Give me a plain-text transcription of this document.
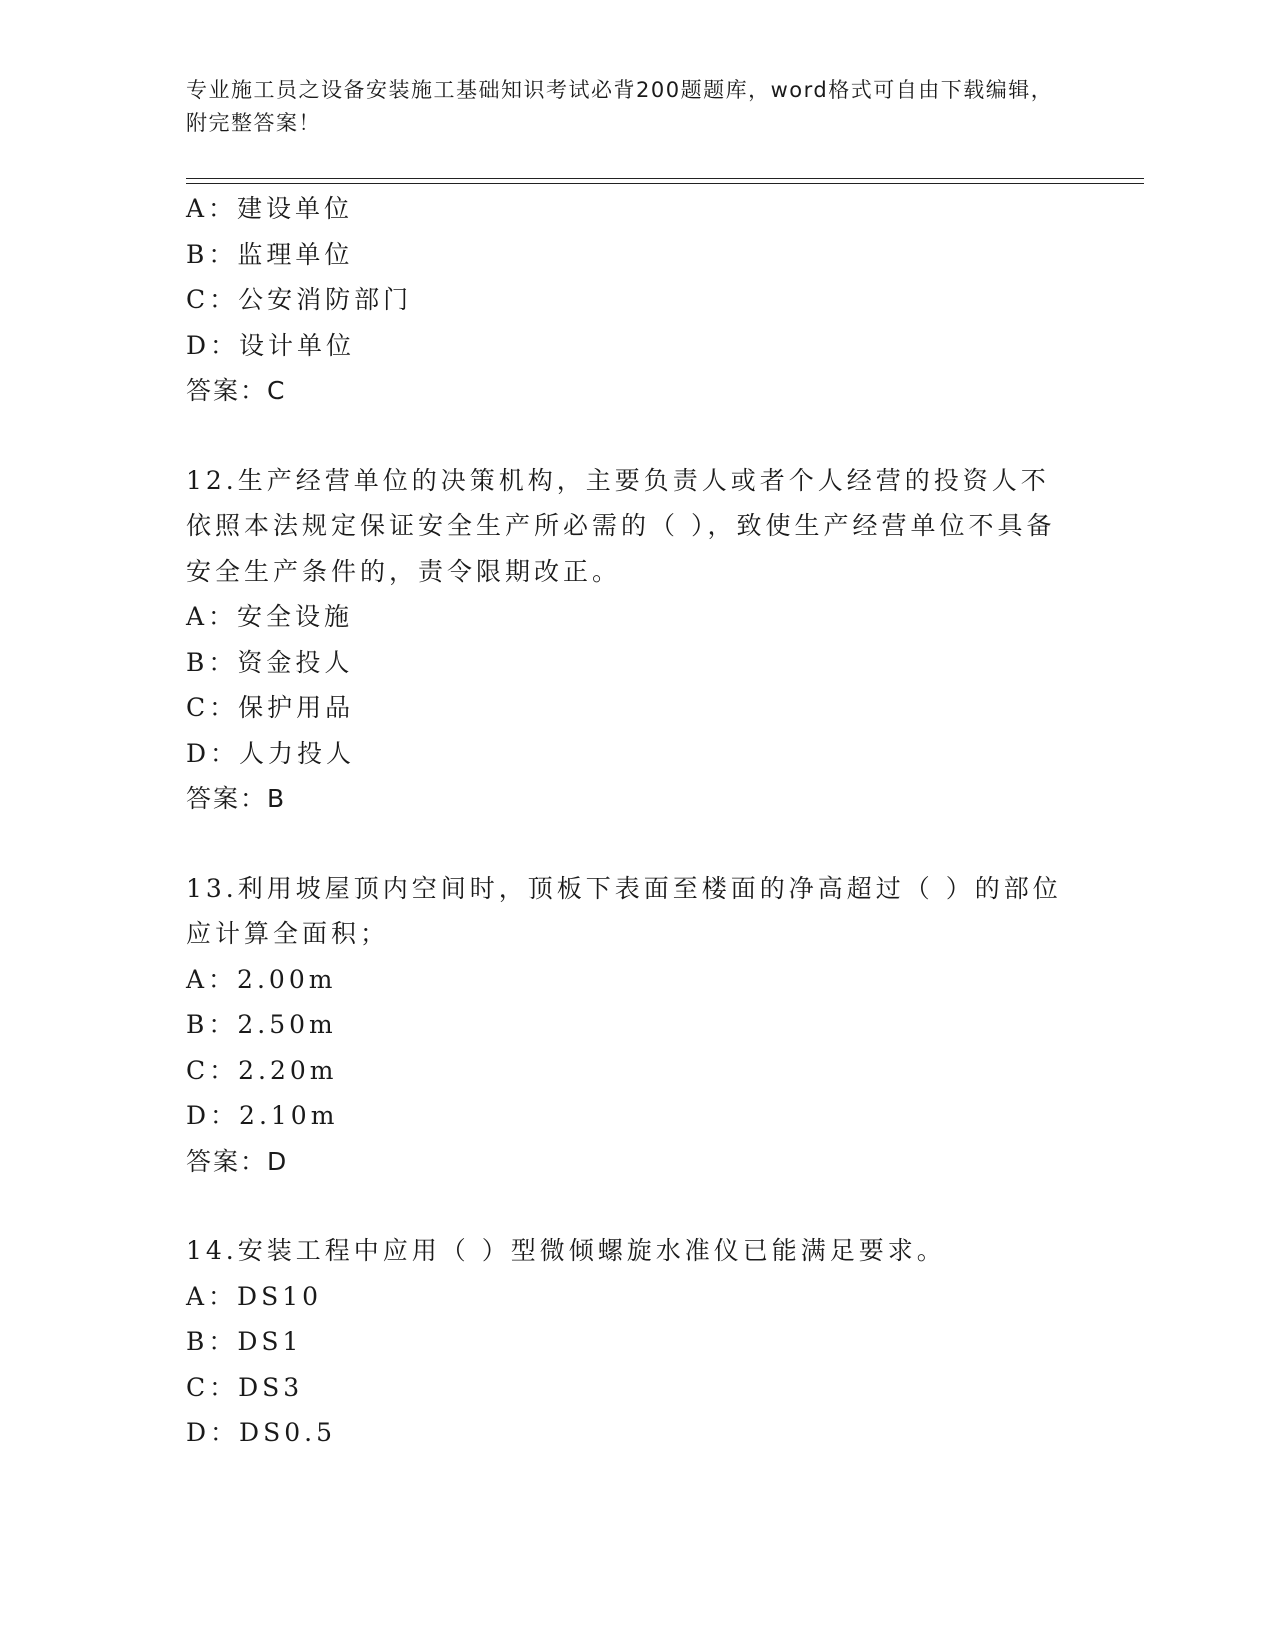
专业施工员之设备安装施工基础知识考试必背200题题库，word格式可自由下载编辑，附完整答案！
A：建设单位
B：监理单位
C：公安消防部门
D：设计单位
答案：C
12.生产经营单位的决策机构，主要负责人或者个人经营的投资人不依照本法规定保证安全生产所必需的（ ），致使生产经营单位不具备安全生产条件的，责令限期改正。
A：安全设施
B：资金投人
C：保护用品
D：人力投人
答案：B
13.利用坡屋顶内空间时，顶板下表面至楼面的净高超过（ ）的部位应计算全面积；
A：2.00m
B：2.50m
C：2.20m
D：2.10m
答案：D
14.安装工程中应用（ ）型微倾螺旋水准仪已能满足要求。
A：DS10
B：DS1
C：DS3
D：DS0.5
